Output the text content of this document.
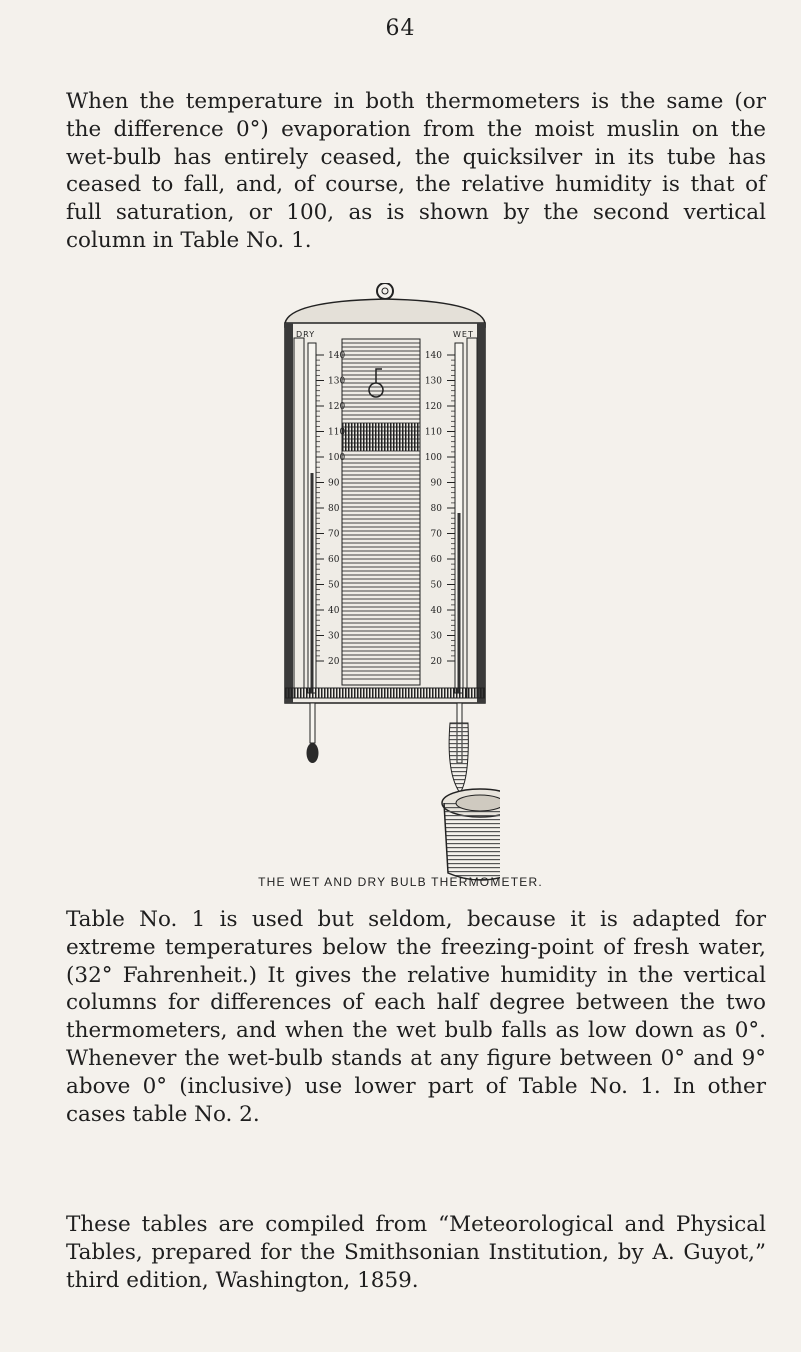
64

When the temperature in both thermometers is the same (or the difference 0°) evaporation from the moist muslin on the wet-bulb has entirely ceased, the quicksilver in its tube has ceased to fall, and, of course, the relative humidity is that of full saturation, or 100, as is shown by the second vertical column in Table No. 1.

140
130
120
110
100
90
80
70
60
50
40
30
20
140
130
120
110
100
90
80
70
60
50
40
30
20
DRY	WET
THE WET AND DRY BULB THERMOMETER.

Table No. 1 is used but seldom, because it is adapted for extreme temperatures below the freezing-point of fresh water, (32° Fahrenheit.) It gives the relative humidity in the vertical columns for differences of each half degree between the two thermometers, and when the wet bulb falls as low down as 0°. Whenever the wet-bulb stands at any figure between 0° and 9° above 0° (inclusive) use lower part of Table No. 1. In other cases table No. 2.

These tables are compiled from “Meteorological and Physical Tables, prepared for the Smithsonian Institution, by A. Guyot,” third edition, Washington, 1859.
